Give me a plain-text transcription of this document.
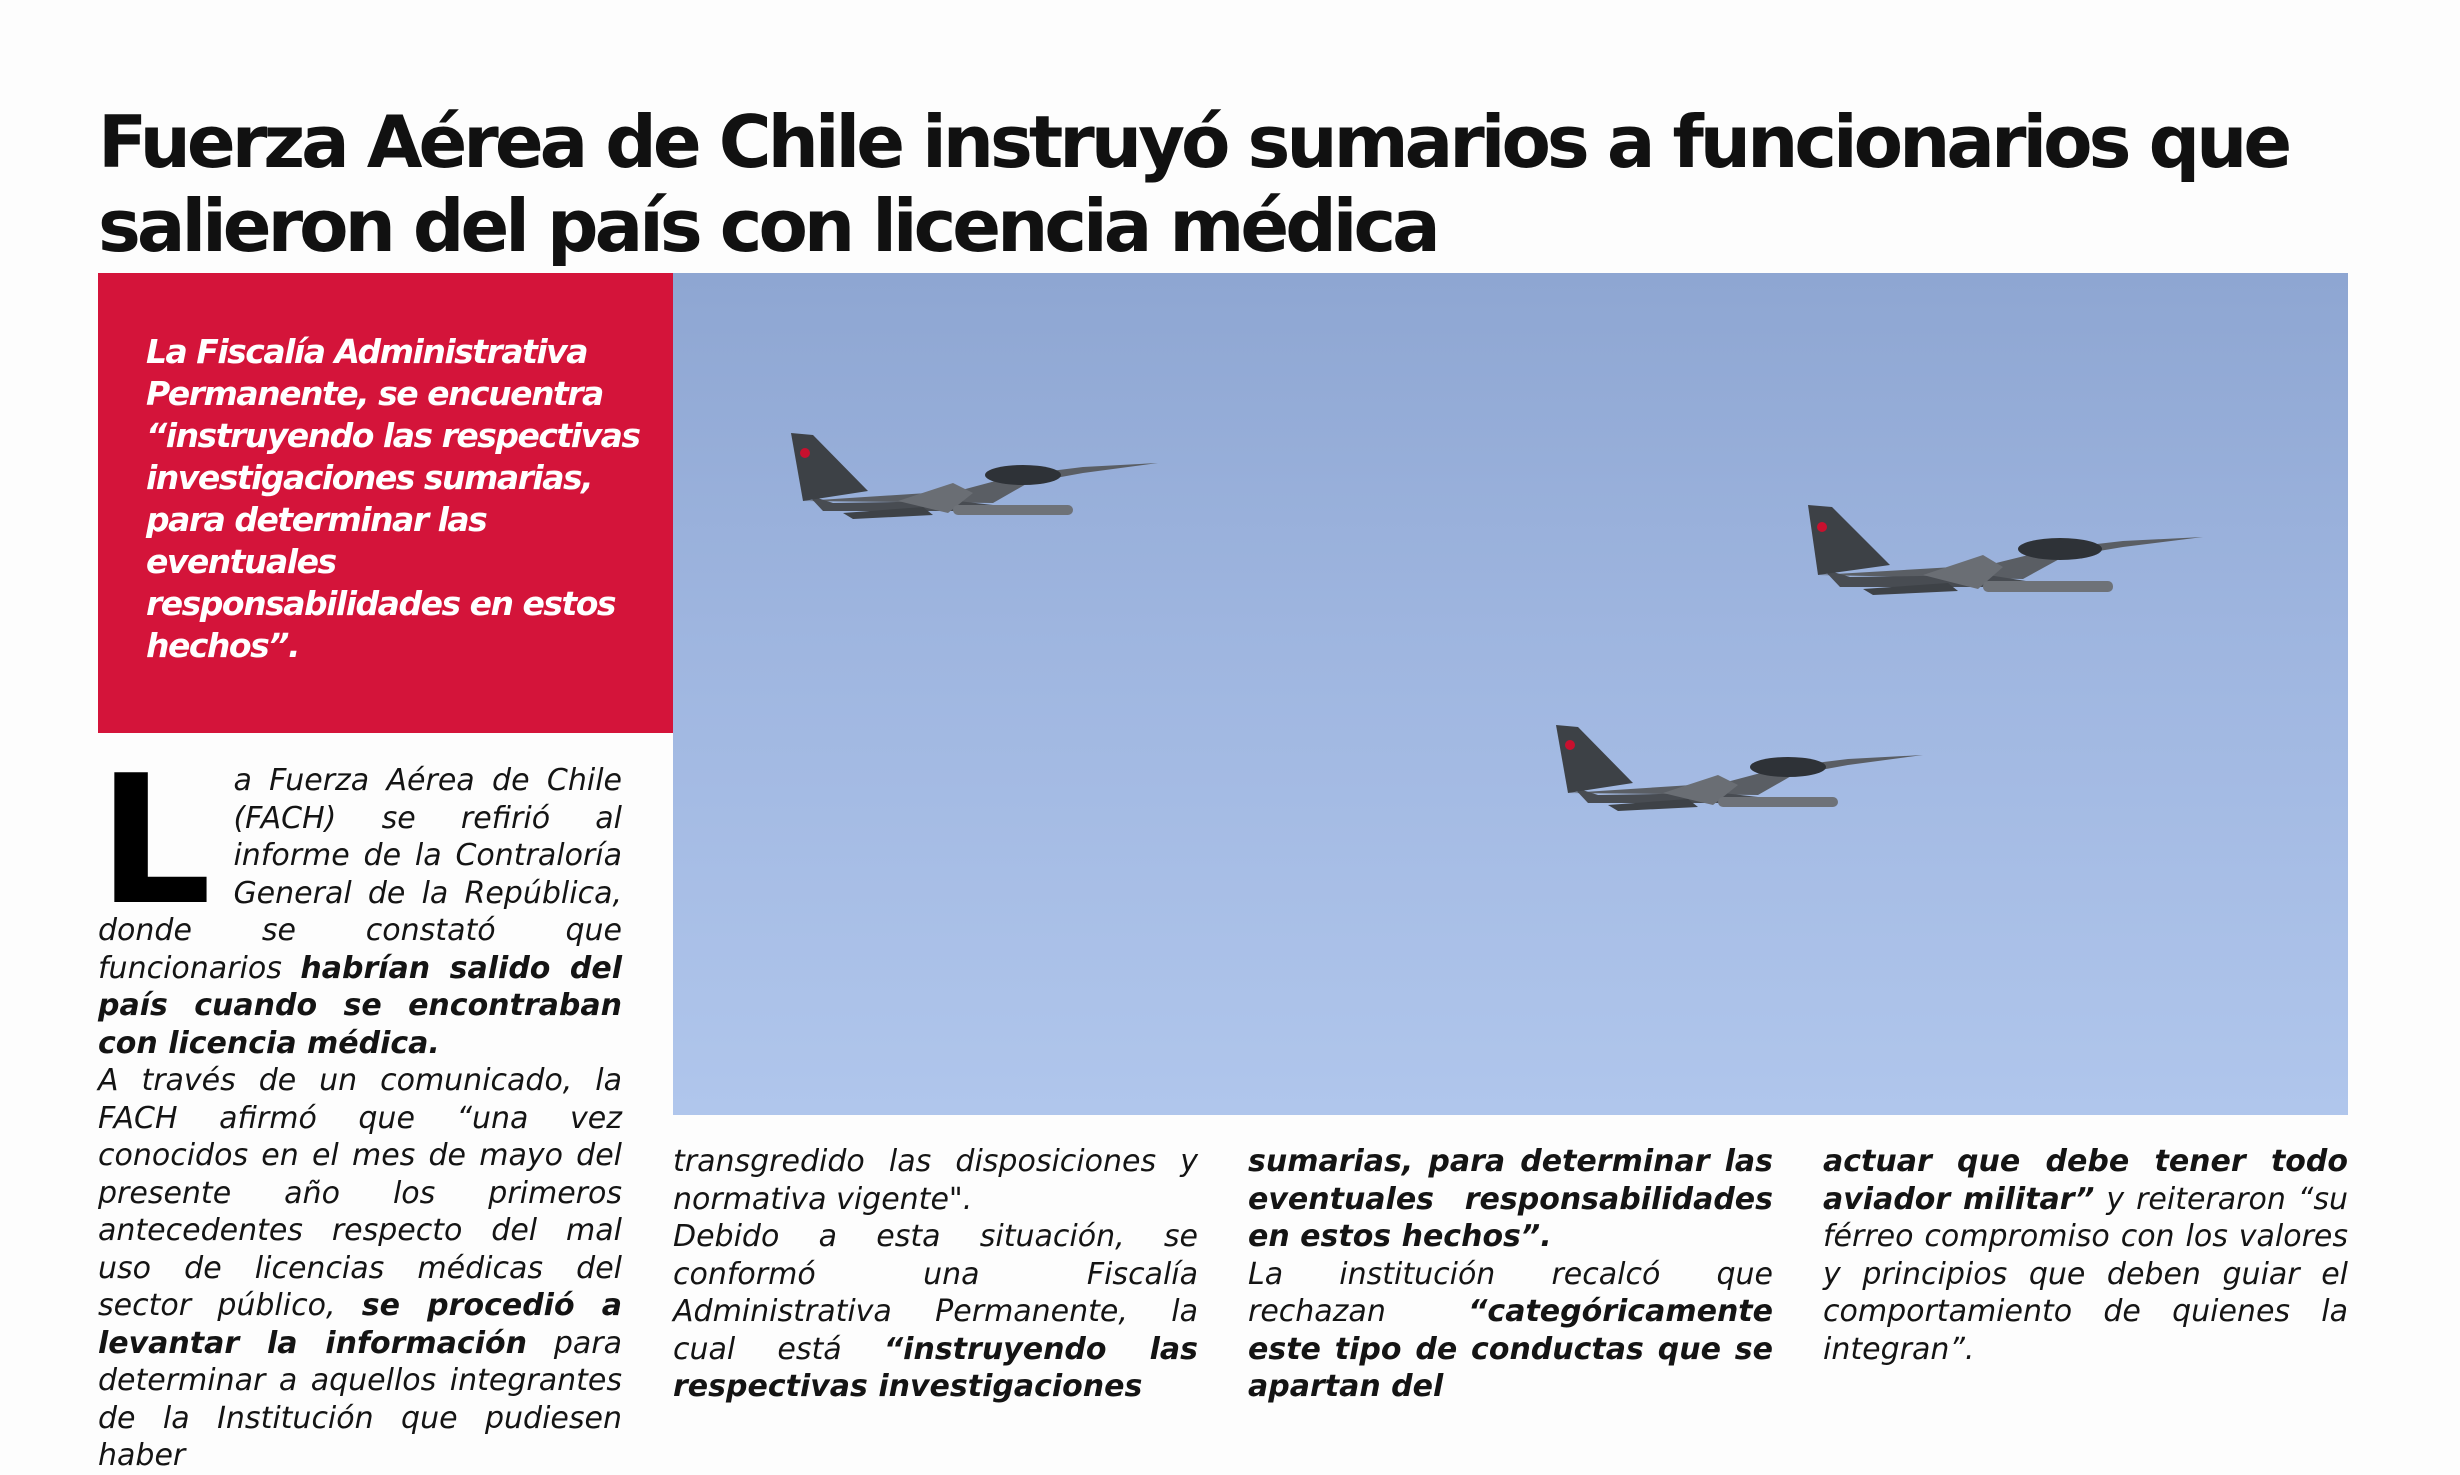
Fuerza Aérea de Chile instruyó sumarios a funcionarios que
salieron del país con licencia médica

La Fiscalía Administrativa Permanente, se encuentra “instruyendo las respectivas investigaciones sumarias, para determinar las eventuales responsabilidades en estos hechos”.

L a Fuerza Aérea de Chile (FACH) se refirió al informe de la Contraloría General de la República, donde se constató que funcionarios habrían salido del país cuando se encontraban con licencia médica.

A través de un comunicado, la FACH afirmó que “una vez conocidos en el mes de mayo del presente año los primeros antecedentes respecto del mal uso de licencias médicas del sector público, se procedió a levantar la información para determinar a aquellos integrantes de la Institución que pudiesen haber

transgredido las disposiciones y normativa vigente".

Debido a esta situación, se conformó una Fiscalía Administrativa Permanente, la cual está “instruyendo las respectivas investigaciones

sumarias, para determinar las eventuales responsabilidades en estos hechos”.

La institución recalcó que rechazan “categóricamente este tipo de conductas que se apartan del

actuar que debe tener todo aviador militar” y reiteraron “su férreo compromiso con los valores y principios que deben guiar el comportamiento de quienes la integran”.
